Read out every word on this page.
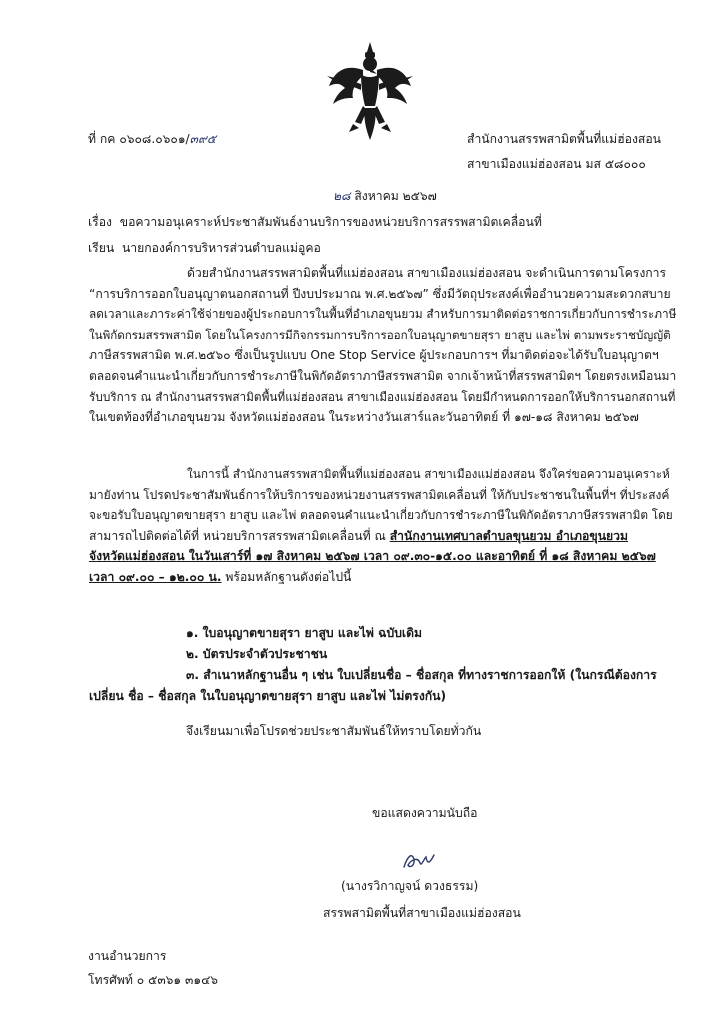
ที่ กค ๐๖๐๘.๐๖๐๑/๓๙๕	สำนักงานสรรพสามิตพื้นที่แม่ฮ่องสอน
สาขาเมืองแม่ฮ่องสอน มส ๕๘๐๐๐
๒๘ สิงหาคม ๒๕๖๗
เรื่อง ขอความอนุเคราะห์ประชาสัมพันธ์งานบริการของหน่วยบริการสรรพสามิตเคลื่อนที่
เรียน นายกองค์การบริหารส่วนตำบลแม่อูคอ
ด้วยสำนักงานสรรพสามิตพื้นที่แม่ฮ่องสอน สาขาเมืองแม่ฮ่องสอน จะดำเนินการตามโครงการ
“การบริการออกใบอนุญาตนอกสถานที่ ปีงบประมาณ พ.ศ.๒๕๖๗” ซึ่งมีวัตถุประสงค์เพื่ออำนวยความสะดวกสบาย
ลดเวลาและภาระค่าใช้จ่ายของผู้ประกอบการในพื้นที่อำเภอขุนยวม สำหรับการมาติดต่อราชการเกี่ยวกับการชำระภาษี
ในพิกัดกรมสรรพสามิต โดยในโครงการมีกิจกรรมการบริการออกใบอนุญาตขายสุรา ยาสูบ และไพ่ ตามพระราชบัญญัติ
ภาษีสรรพสามิต พ.ศ.๒๕๖๐ ซึ่งเป็นรูปแบบ One Stop Service ผู้ประกอบการฯ ที่มาติดต่อจะได้รับใบอนุญาตฯ
ตลอดจนคำแนะนำเกี่ยวกับการชำระภาษีในพิกัดอัตราภาษีสรรพสามิต จากเจ้าหน้าที่สรรพสามิตฯ โดยตรงเหมือนมา
รับบริการ ณ สำนักงานสรรพสามิตพื้นที่แม่ฮ่องสอน สาขาเมืองแม่ฮ่องสอน โดยมีกำหนดการออกให้บริการนอกสถานที่
ในเขตท้องที่อำเภอขุนยวม จังหวัดแม่ฮ่องสอน ในระหว่างวันเสาร์และวันอาทิตย์ ที่ ๑๗-๑๘ สิงหาคม ๒๕๖๗
ในการนี้ สำนักงานสรรพสามิตพื้นที่แม่ฮ่องสอน สาขาเมืองแม่ฮ่องสอน จึงใคร่ขอความอนุเคราะห์
มายังท่าน โปรดประชาสัมพันธ์การให้บริการของหน่วยงานสรรพสามิตเคลื่อนที่ ให้กับประชาชนในพื้นที่ฯ ที่ประสงค์
จะขอรับใบอนุญาตขายสุรา ยาสูบ และไพ่ ตลอดจนคำแนะนำเกี่ยวกับการชำระภาษีในพิกัดอัตราภาษีสรรพสามิต โดย
สามารถไปติดต่อได้ที่ หน่วยบริการสรรพสามิตเคลื่อนที่ ณ สำนักงานเทศบาลตำบลขุนยวม อำเภอขุนยวม
จังหวัดแม่ฮ่องสอน ในวันเสาร์ที่ ๑๗ สิงหาคม ๒๕๖๗ เวลา ๐๙.๓๐-๑๕.๐๐ และอาทิตย์ ที่ ๑๘ สิงหาคม ๒๕๖๗
เวลา ๐๙.๐๐ – ๑๒.๐๐ น. พร้อมหลักฐานดังต่อไปนี้
๑. ใบอนุญาตขายสุรา ยาสูบ และไพ่ ฉบับเดิม
๒. บัตรประจำตัวประชาชน
๓. สำเนาหลักฐานอื่น ๆ เช่น ใบเปลี่ยนชื่อ – ชื่อสกุล ที่ทางราชการออกให้ (ในกรณีต้องการ
เปลี่ยน ชื่อ – ชื่อสกุล ในใบอนุญาตขายสุรา ยาสูบ และไพ่ ไม่ตรงกัน)
จึงเรียนมาเพื่อโปรดช่วยประชาสัมพันธ์ให้ทราบโดยทั่วกัน
ขอแสดงความนับถือ
(นางรวิกาญจน์ ดวงธรรม)
สรรพสามิตพื้นที่สาขาเมืองแม่ฮ่องสอน
งานอำนวยการ
โทรศัพท์ ๐ ๕๓๖๑ ๓๑๔๖
